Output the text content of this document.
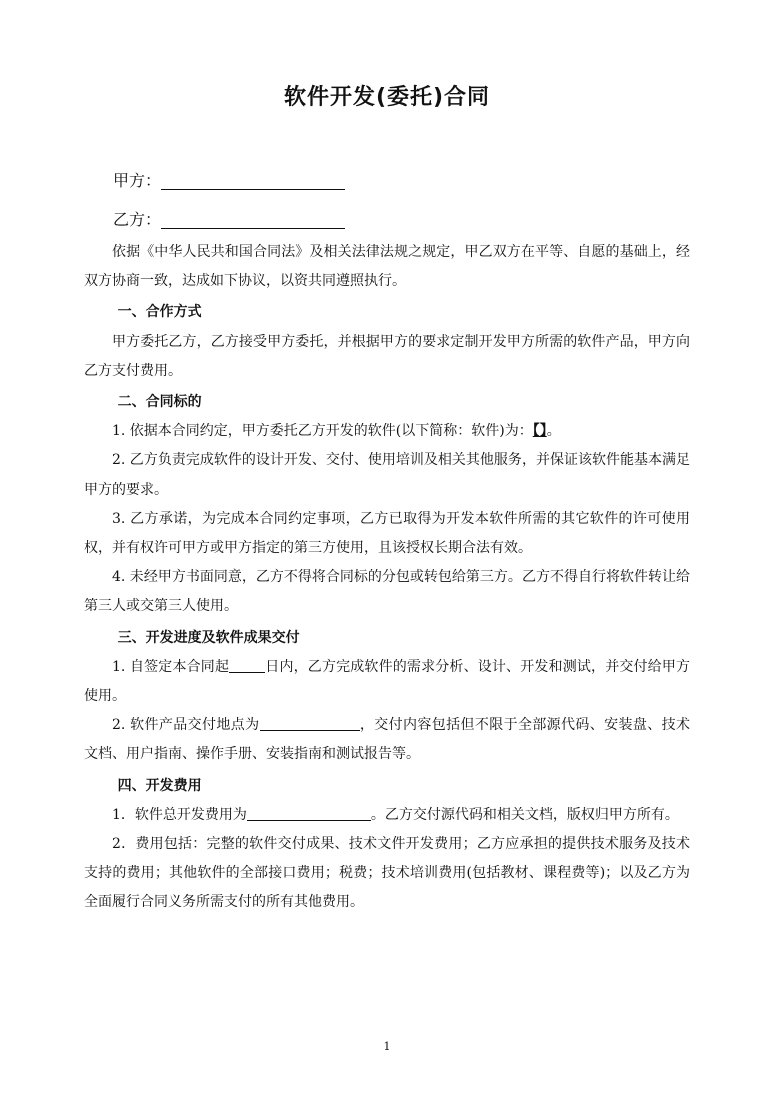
软件开发(委托)合同
甲方：
乙方：

依据《中华人民共和国合同法》及相关法律法规之规定，甲乙双方在平等、自愿的基础上，经双方协商一致，达成如下协议，以资共同遵照执行。

一、合作方式

甲方委托乙方，乙方接受甲方委托，并根据甲方的要求定制开发甲方所需的软件产品，甲方向乙方支付费用。

二、合同标的

1. 依据本合同约定，甲方委托乙方开发的软件(以下简称：软件)为：【】。

2. 乙方负责完成软件的设计开发、交付、使用培训及相关其他服务，并保证该软件能基本满足甲方的要求。

3. 乙方承诺，为完成本合同约定事项，乙方已取得为开发本软件所需的其它软件的许可使用权，并有权许可甲方或甲方指定的第三方使用，且该授权长期合法有效。

4. 未经甲方书面同意，乙方不得将合同标的分包或转包给第三方。乙方不得自行将软件转让给第三人或交第三人使用。

三、开发进度及软件成果交付

1. 自签定本合同起	日内，乙方完成软件的需求分析、设计、开发和测试，并交付给甲方使用。

2. 软件产品交付地点为	，交付内容包括但不限于全部源代码、安装盘、技术文档、用户指南、操作手册、安装指南和测试报告等。

四、开发费用

1．软件总开发费用为	。乙方交付源代码和相关文档，版权归甲方所有。

2．费用包括：完整的软件交付成果、技术文件开发费用；乙方应承担的提供技术服务及技术支持的费用；其他软件的全部接口费用；税费；技术培训费用(包括教材、课程费等)；以及乙方为全面履行合同义务所需支付的所有其他费用。

1
